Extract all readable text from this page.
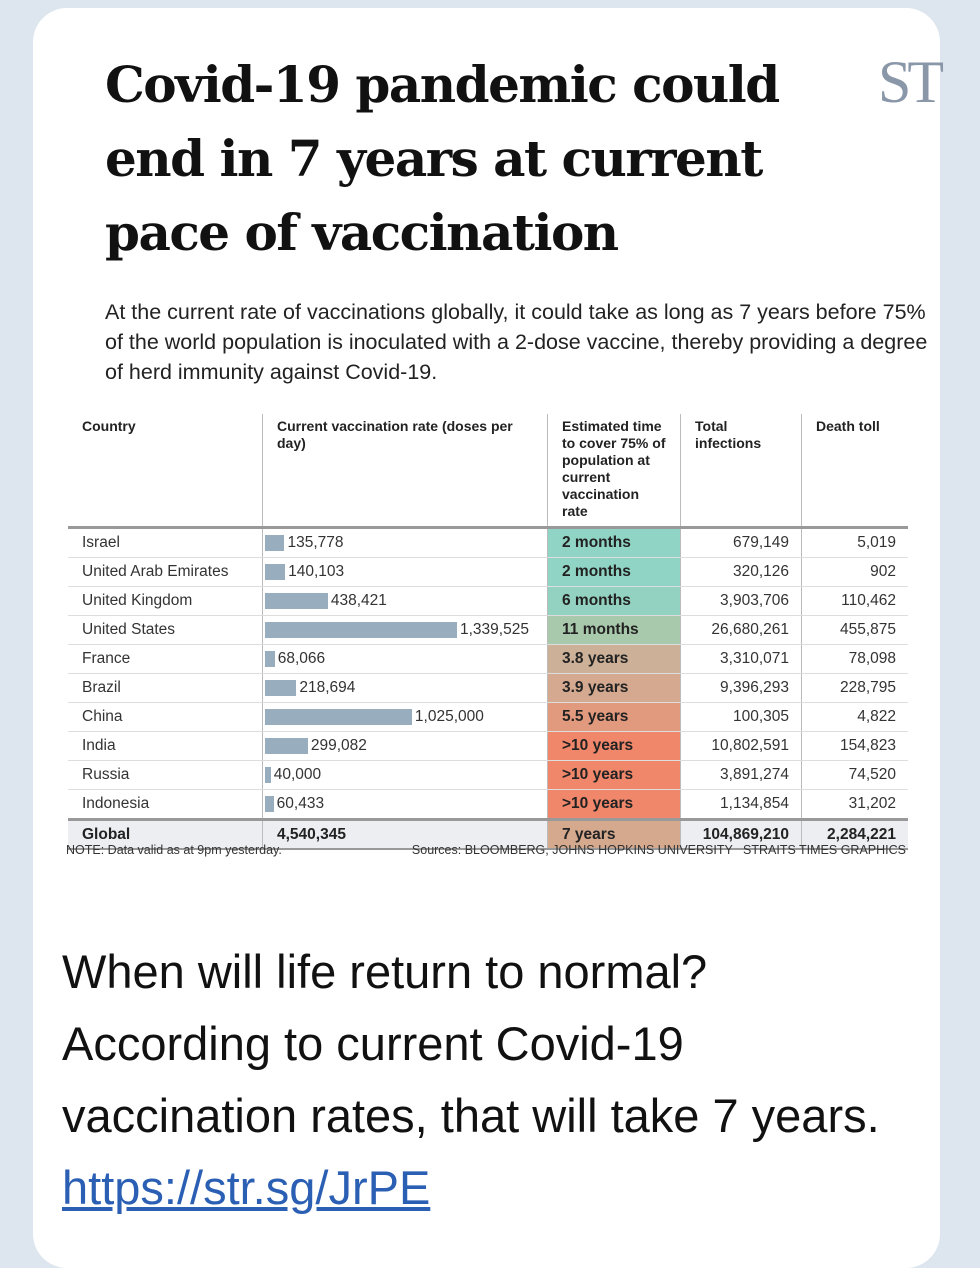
Covid-19 pandemic could end in 7 years at current pace of vaccination
ST
At the current rate of vaccinations globally, it could take as long as 7 years before 75% of the world population is inoculated with a 2-dose vaccine, thereby providing a degree of herd immunity against Covid-19.
Country	Current vaccination rate (doses per day)	Estimated time to cover 75% of population at current vaccination rate	Total infections	Death toll
Israel	135,778	2 months	679,149	5,019
United Arab Emirates	140,103	2 months	320,126	902
United Kingdom	438,421	6 months	3,903,706	110,462
United States	1,339,525	11 months	26,680,261	455,875
France	68,066	3.8 years	3,310,071	78,098
Brazil	218,694	3.9 years	9,396,293	228,795
China	1,025,000	5.5 years	100,305	4,822
India	299,082	>10 years	10,802,591	154,823
Russia	40,000	>10 years	3,891,274	74,520
Indonesia	60,433	>10 years	1,134,854	31,202
Global	4,540,345	7 years	104,869,210	2,284,221
NOTE: Data valid as at 9pm yesterday.	Sources: BLOOMBERG, JOHNS HOPKINS UNIVERSITY   STRAITS TIMES GRAPHICS
When will life return to normal? According to current Covid-19 vaccination rates, that will take 7 years. https://str.sg/JrPE
